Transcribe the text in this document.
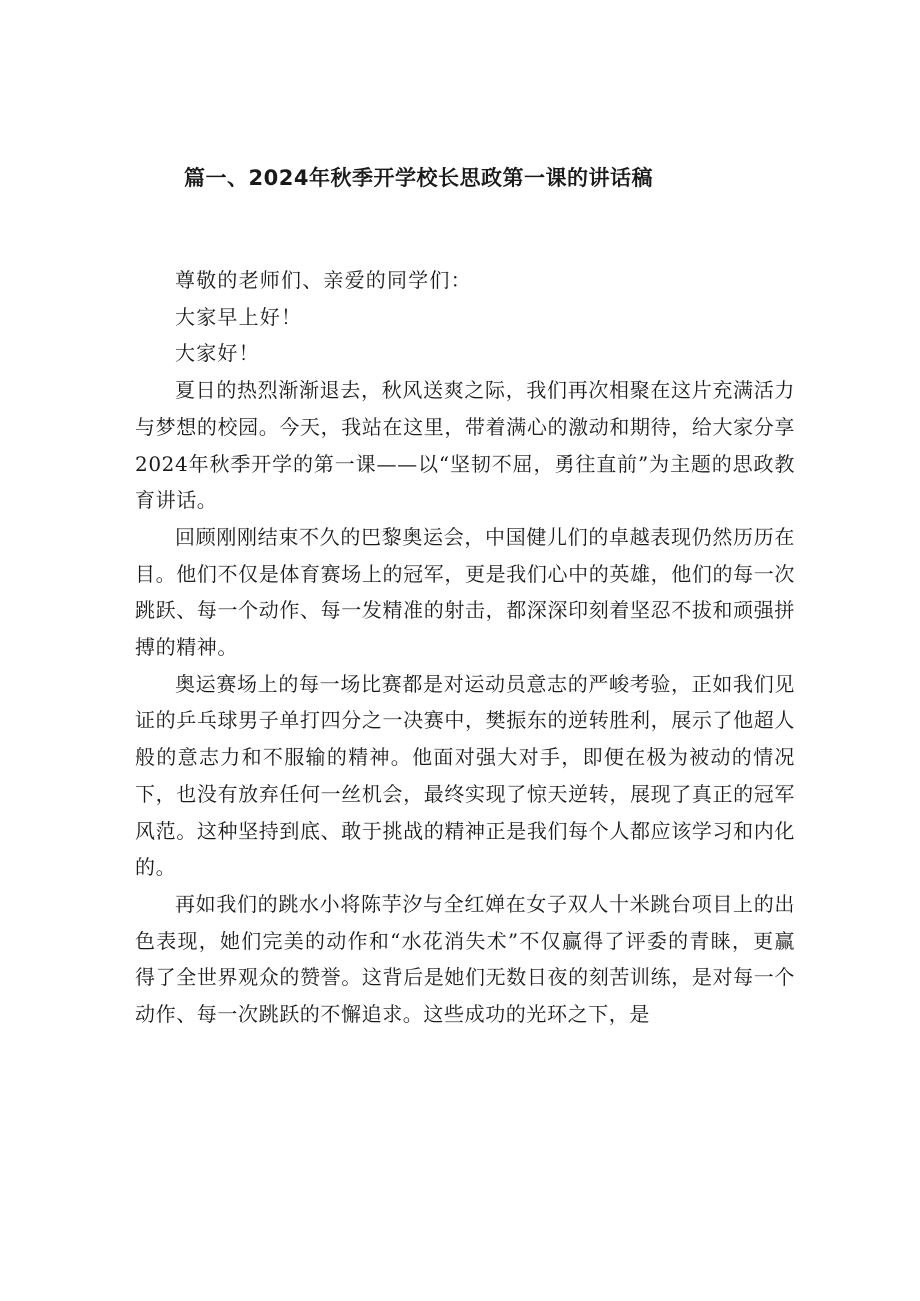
篇一、2024年秋季开学校长思政第一课的讲话稿

尊敬的老师们、亲爱的同学们：

大家早上好！

大家好！

夏日的热烈渐渐退去，秋风送爽之际，我们再次相聚在这片充满活力与梦想的校园。今天，我站在这里，带着满心的激动和期待，给大家分享2024年秋季开学的第一课——以“坚韧不屈，勇往直前”为主题的思政教育讲话。

回顾刚刚结束不久的巴黎奥运会，中国健儿们的卓越表现仍然历历在目。他们不仅是体育赛场上的冠军，更是我们心中的英雄，他们的每一次跳跃、每一个动作、每一发精准的射击，都深深印刻着坚忍不拔和顽强拼搏的精神。

奥运赛场上的每一场比赛都是对运动员意志的严峻考验，正如我们见证的乒乓球男子单打四分之一决赛中，樊振东的逆转胜利，展示了他超人般的意志力和不服输的精神。他面对强大对手，即便在极为被动的情况下，也没有放弃任何一丝机会，最终实现了惊天逆转，展现了真正的冠军风范。这种坚持到底、敢于挑战的精神正是我们每个人都应该学习和内化的。

再如我们的跳水小将陈芋汐与全红婵在女子双人十米跳台项目上的出色表现，她们完美的动作和“水花消失术”不仅赢得了评委的青睐，更赢得了全世界观众的赞誉。这背后是她们无数日夜的刻苦训练，是对每一个动作、每一次跳跃的不懈追求。这些成功的光环之下，是
